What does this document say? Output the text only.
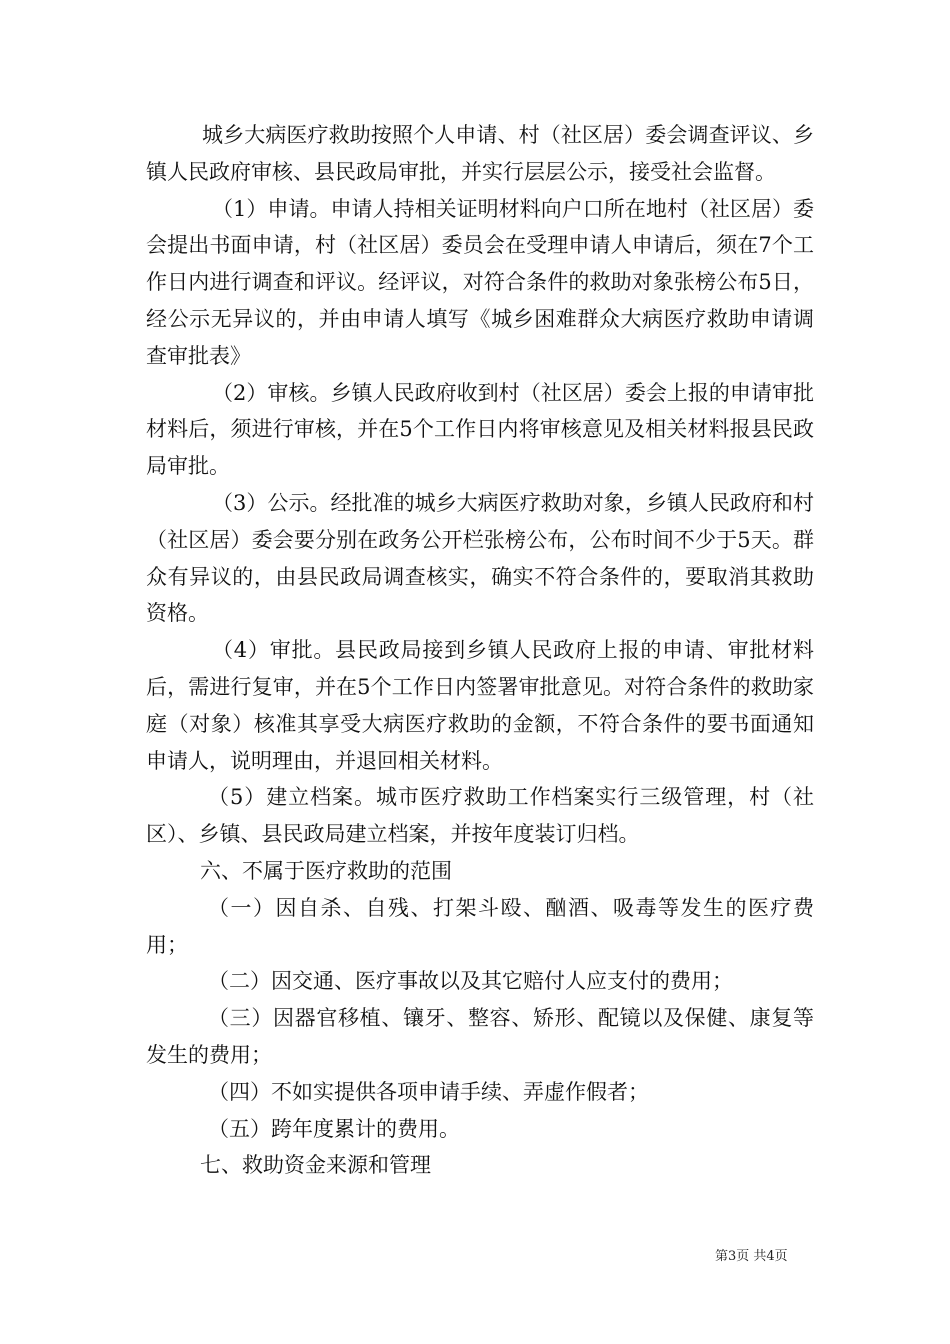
城乡大病医疗救助按照个人申请、村（社区居）委会调查评议、乡镇人民政府审核、县民政局审批，并实行层层公示，接受社会监督。

（1）申请。申请人持相关证明材料向户口所在地村（社区居）委会提出书面申请，村（社区居）委员会在受理申请人申请后，须在7个工作日内进行调查和评议。经评议，对符合条件的救助对象张榜公布5日，经公示无异议的，并由申请人填写《城乡困难群众大病医疗救助申请调查审批表》

（2）审核。乡镇人民政府收到村（社区居）委会上报的申请审批材料后，须进行审核，并在5个工作日内将审核意见及相关材料报县民政局审批。

（3）公示。经批准的城乡大病医疗救助对象，乡镇人民政府和村（社区居）委会要分别在政务公开栏张榜公布，公布时间不少于5天。群众有异议的，由县民政局调查核实，确实不符合条件的，要取消其救助资格。

（4）审批。县民政局接到乡镇人民政府上报的申请、审批材料后，需进行复审，并在5个工作日内签署审批意见。对符合条件的救助家庭（对象）核准其享受大病医疗救助的金额，不符合条件的要书面通知申请人，说明理由，并退回相关材料。

（5）建立档案。城市医疗救助工作档案实行三级管理，村（社区）、乡镇、县民政局建立档案，并按年度装订归档。

六、不属于医疗救助的范围

（一）因自杀、自残、打架斗殴、酗酒、吸毒等发生的医疗费用；

（二）因交通、医疗事故以及其它赔付人应支付的费用；

（三）因器官移植、镶牙、整容、矫形、配镜以及保健、康复等发生的费用；

（四）不如实提供各项申请手续、弄虚作假者；

（五）跨年度累计的费用。

七、救助资金来源和管理

第3页 共4页
